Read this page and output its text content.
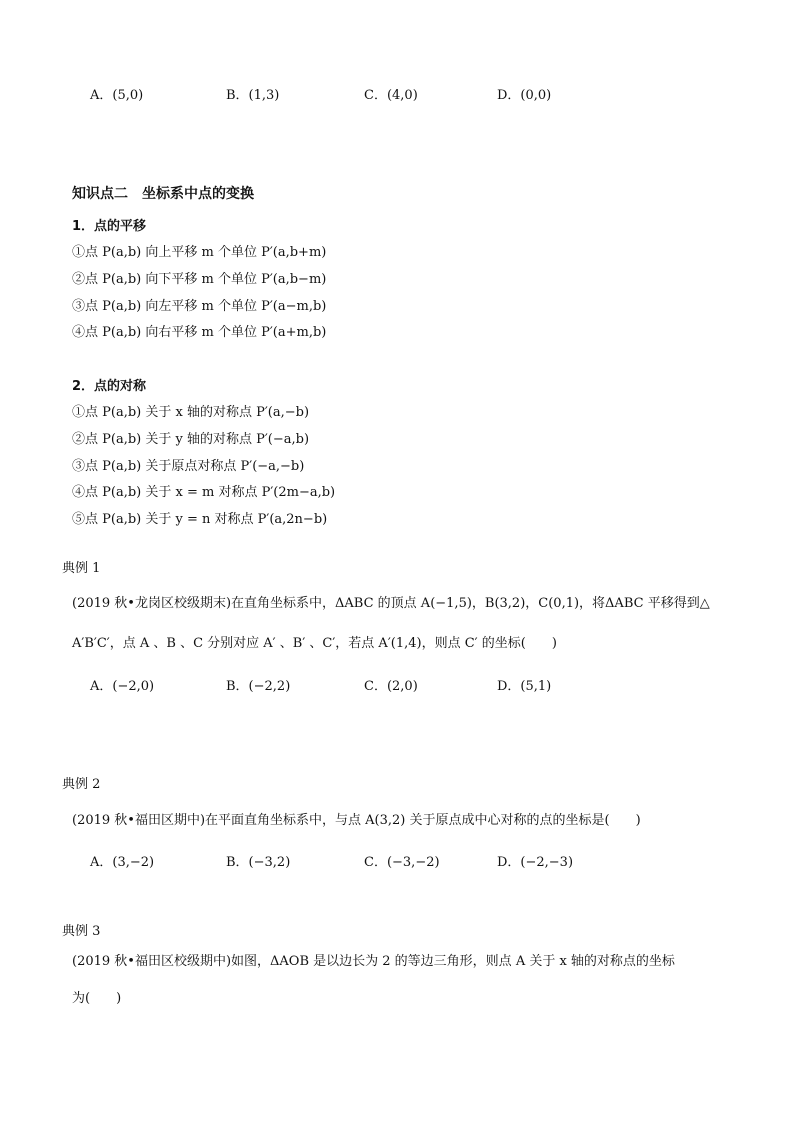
A．(5,0)	B．(1,3)	C．(4,0)	D．(0,0)
知识点二　坐标系中点的变换
1．点的平移
①点 P(a,b) 向上平移 m 个单位 P′(a,b+m)
②点 P(a,b) 向下平移 m 个单位 P′(a,b−m)
③点 P(a,b) 向左平移 m 个单位 P′(a−m,b)
④点 P(a,b) 向右平移 m 个单位 P′(a+m,b)
2．点的对称
①点 P(a,b) 关于 x 轴的对称点 P′(a,−b)
②点 P(a,b) 关于 y 轴的对称点 P′(−a,b)
③点 P(a,b) 关于原点对称点 P′(−a,−b)
④点 P(a,b) 关于 x = m 对称点 P′(2m−a,b)
⑤点 P(a,b) 关于 y = n 对称点 P′(a,2n−b)
典例 1
(2019 秋•龙岗区校级期末)在直角坐标系中，ΔABC 的顶点 A(−1,5)，B(3,2)，C(0,1)，将ΔABC 平移得到△
A′B′C′，点 A 、B 、C 分别对应 A′ 、B′ 、C′，若点 A′(1,4)，则点 C′ 的坐标(　　)
A．(−2,0)	B．(−2,2)	C．(2,0)	D．(5,1)
典例 2
(2019 秋•福田区期中)在平面直角坐标系中，与点 A(3,2) 关于原点成中心对称的点的坐标是(　　)
A．(3,−2)	B．(−3,2)	C．(−3,−2)	D．(−2,−3)
典例 3
(2019 秋•福田区校级期中)如图，ΔAOB 是以边长为 2 的等边三角形，则点 A 关于 x 轴的对称点的坐标
为(　　)
